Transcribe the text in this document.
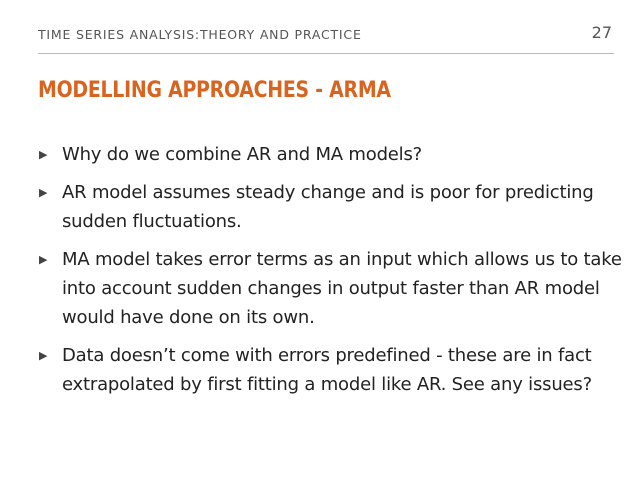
TIME SERIES ANALYSIS:THEORY AND PRACTICE	27
MODELLING APPROACHES - ARMA
▶ Why do we combine AR and MA models?
▶ AR model assumes steady change and is poor for predicting sudden fluctuations.
▶ MA model takes error terms as an input which allows us to take into account sudden changes in output faster than AR model would have done on its own.
▶ Data doesn’t come with errors predefined - these are in fact extrapolated by first fitting a model like AR. See any issues?
